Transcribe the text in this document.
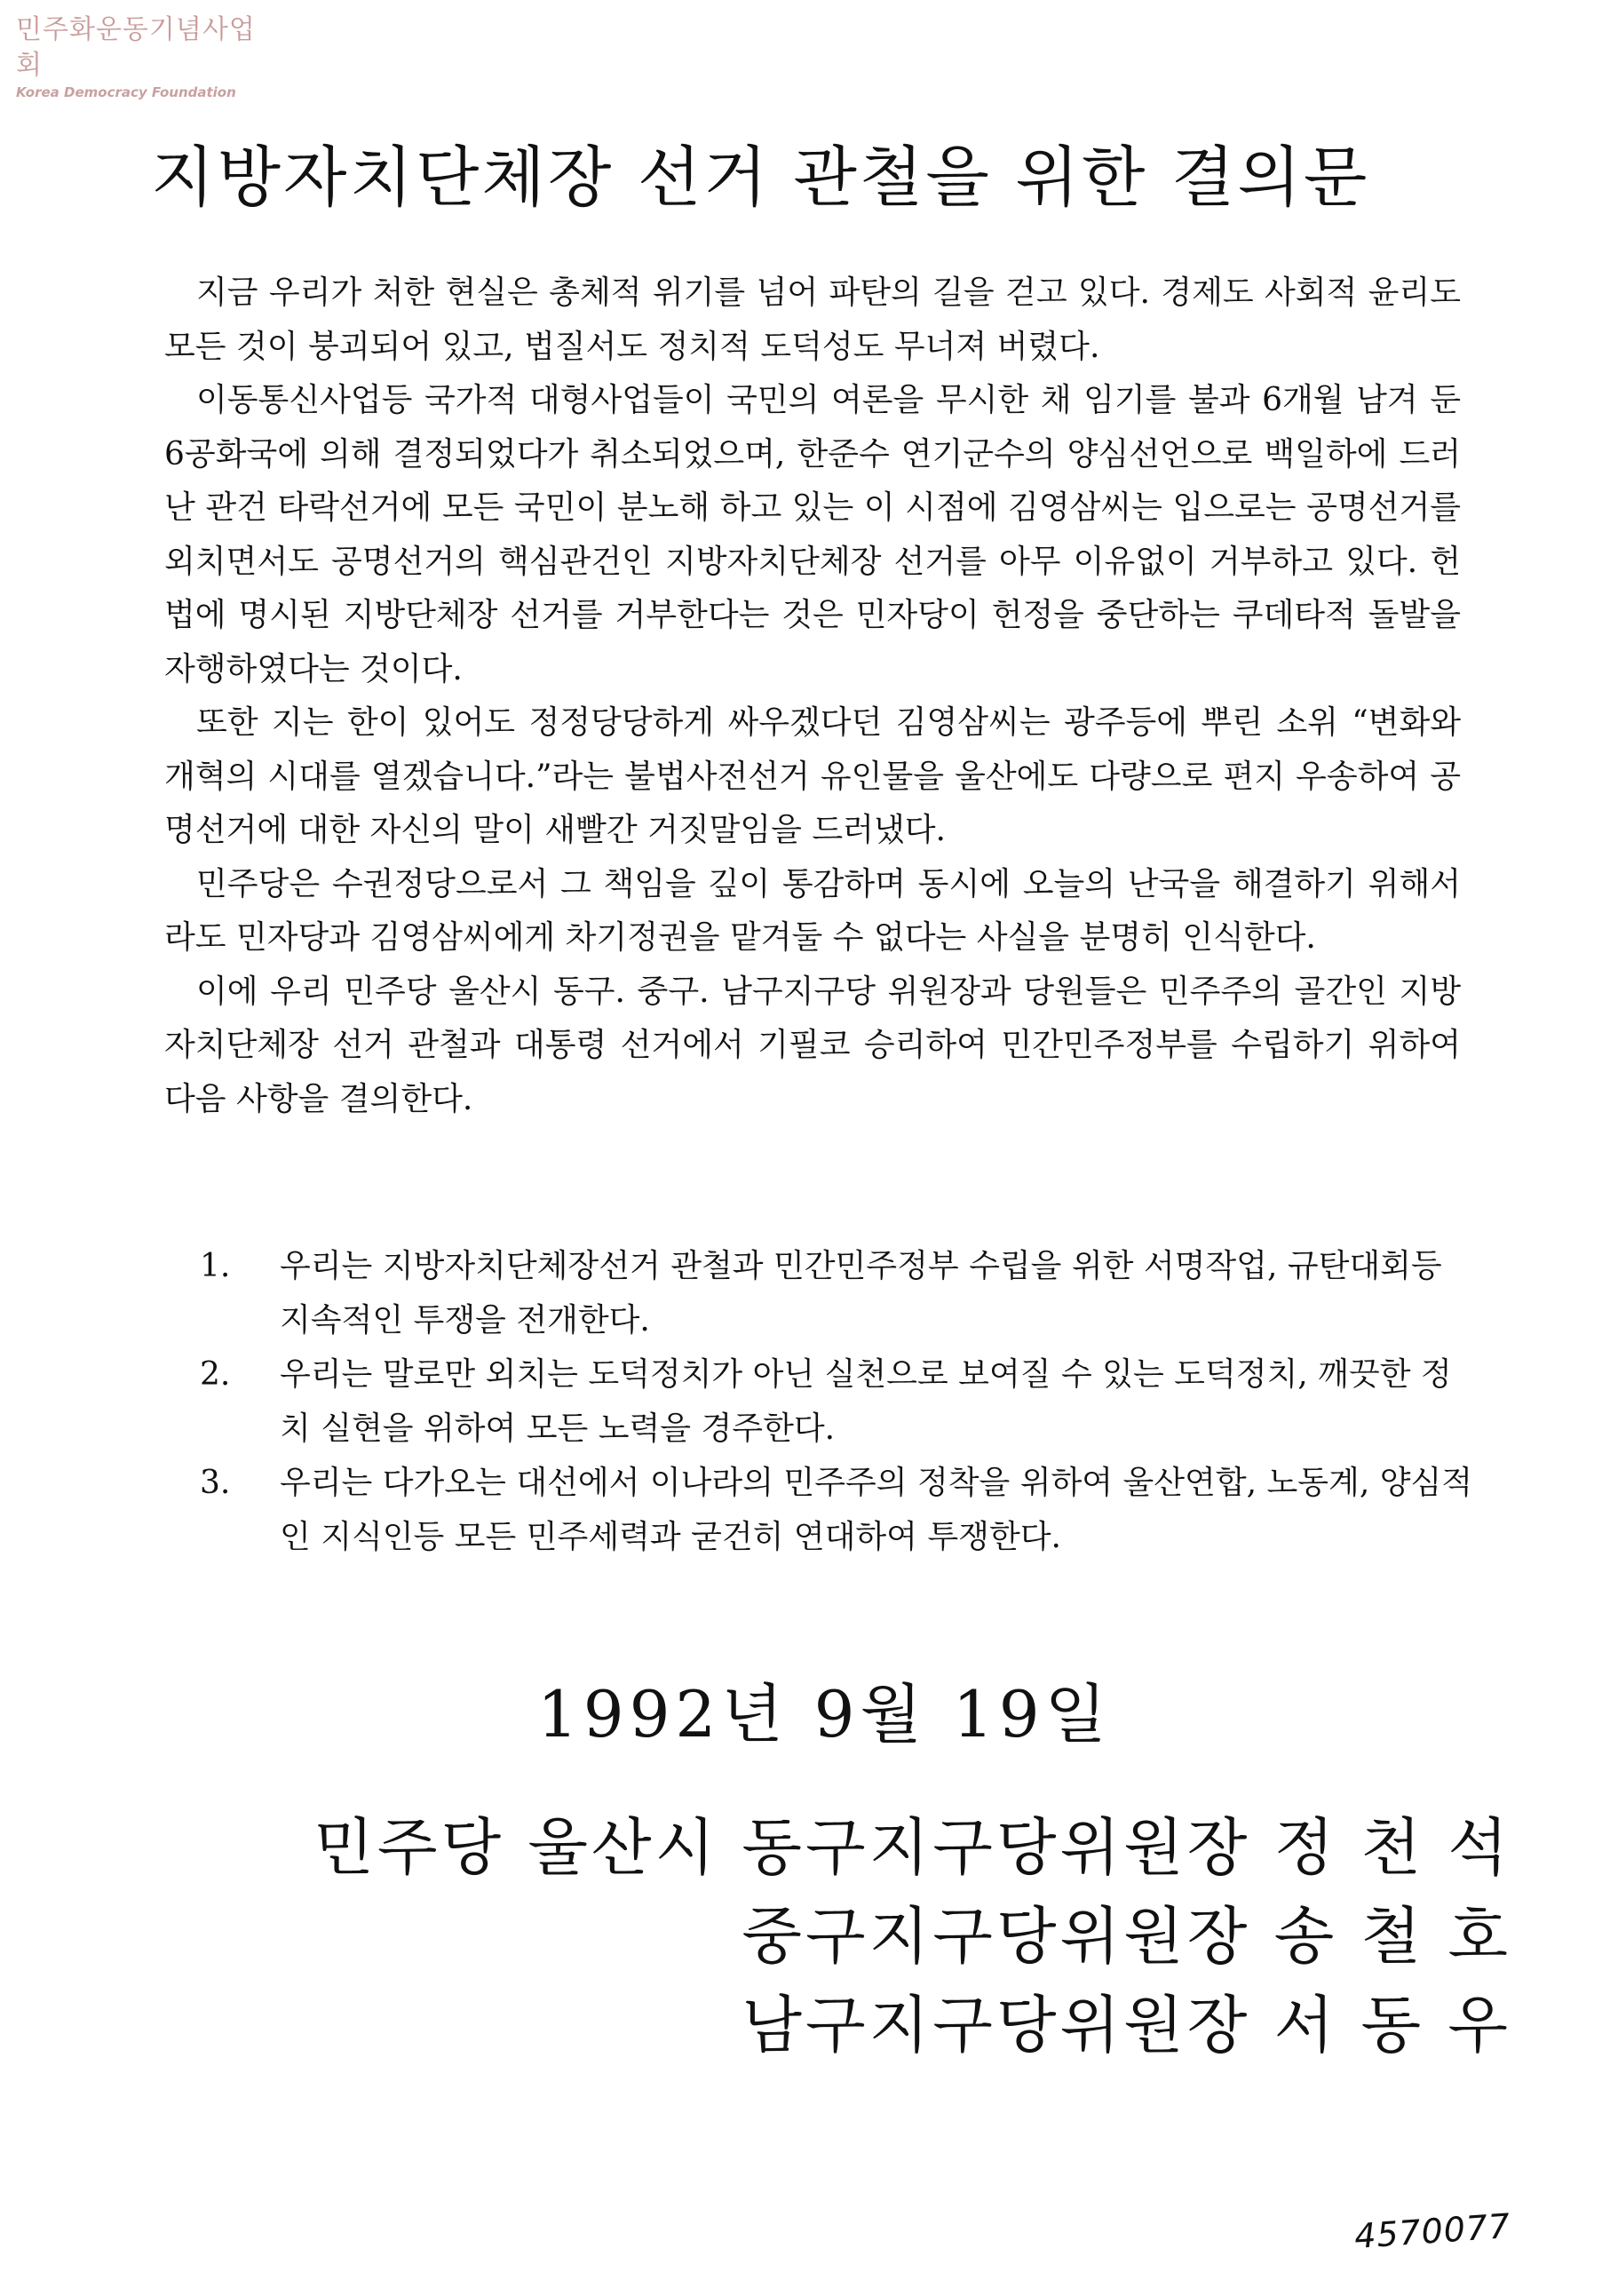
민주화운동기념사업회
Korea Democracy Foundation
지방자치단체장 선거 관철을 위한 결의문

지금 우리가 처한 현실은 총체적 위기를 넘어 파탄의 길을 걷고 있다. 경제도 사회적 윤리도 모든 것이 붕괴되어 있고, 법질서도 정치적 도덕성도 무너져 버렸다.

이동통신사업등 국가적 대형사업들이 국민의 여론을 무시한 채 임기를 불과 6개월 남겨 둔 6공화국에 의해 결정되었다가 취소되었으며, 한준수 연기군수의 양심선언으로 백일하에 드러난 관건 타락선거에 모든 국민이 분노해 하고 있는 이 시점에 김영삼씨는 입으로는 공명선거를 외치면서도 공명선거의 핵심관건인 지방자치단체장 선거를 아무 이유없이 거부하고 있다. 헌법에 명시된 지방단체장 선거를 거부한다는 것은 민자당이 헌정을 중단하는 쿠데타적 돌발을 자행하였다는 것이다.

또한 지는 한이 있어도 정정당당하게 싸우겠다던 김영삼씨는 광주등에 뿌린 소위 “변화와 개혁의 시대를 열겠습니다.”라는 불법사전선거 유인물을 울산에도 다량으로 편지 우송하여 공명선거에 대한 자신의 말이 새빨간 거짓말임을 드러냈다.

민주당은 수권정당으로서 그 책임을 깊이 통감하며 동시에 오늘의 난국을 해결하기 위해서라도 민자당과 김영삼씨에게 차기정권을 맡겨둘 수 없다는 사실을 분명히 인식한다.

이에 우리 민주당 울산시 동구. 중구. 남구지구당 위원장과 당원들은 민주주의 골간인 지방자치단체장 선거 관철과 대통령 선거에서 기필코 승리하여 민간민주정부를 수립하기 위하여 다음 사항을 결의한다.

1. 우리는 지방자치단체장선거 관철과 민간민주정부 수립을 위한 서명작업, 규탄대회등 지속적인 투쟁을 전개한다.
2. 우리는 말로만 외치는 도덕정치가 아닌 실천으로 보여질 수 있는 도덕정치, 깨끗한 정치 실현을 위하여 모든 노력을 경주한다.
3. 우리는 다가오는 대선에서 이나라의 민주주의 정착을 위하여 울산연합, 노동계, 양심적인 지식인등 모든 민주세력과 굳건히 연대하여 투쟁한다.
1992년 9월 19일
민주당 울산시 동구지구당위원장 정 천 석
중구지구당위원장 송 철 호
남구지구당위원장 서 동 우
4570077
